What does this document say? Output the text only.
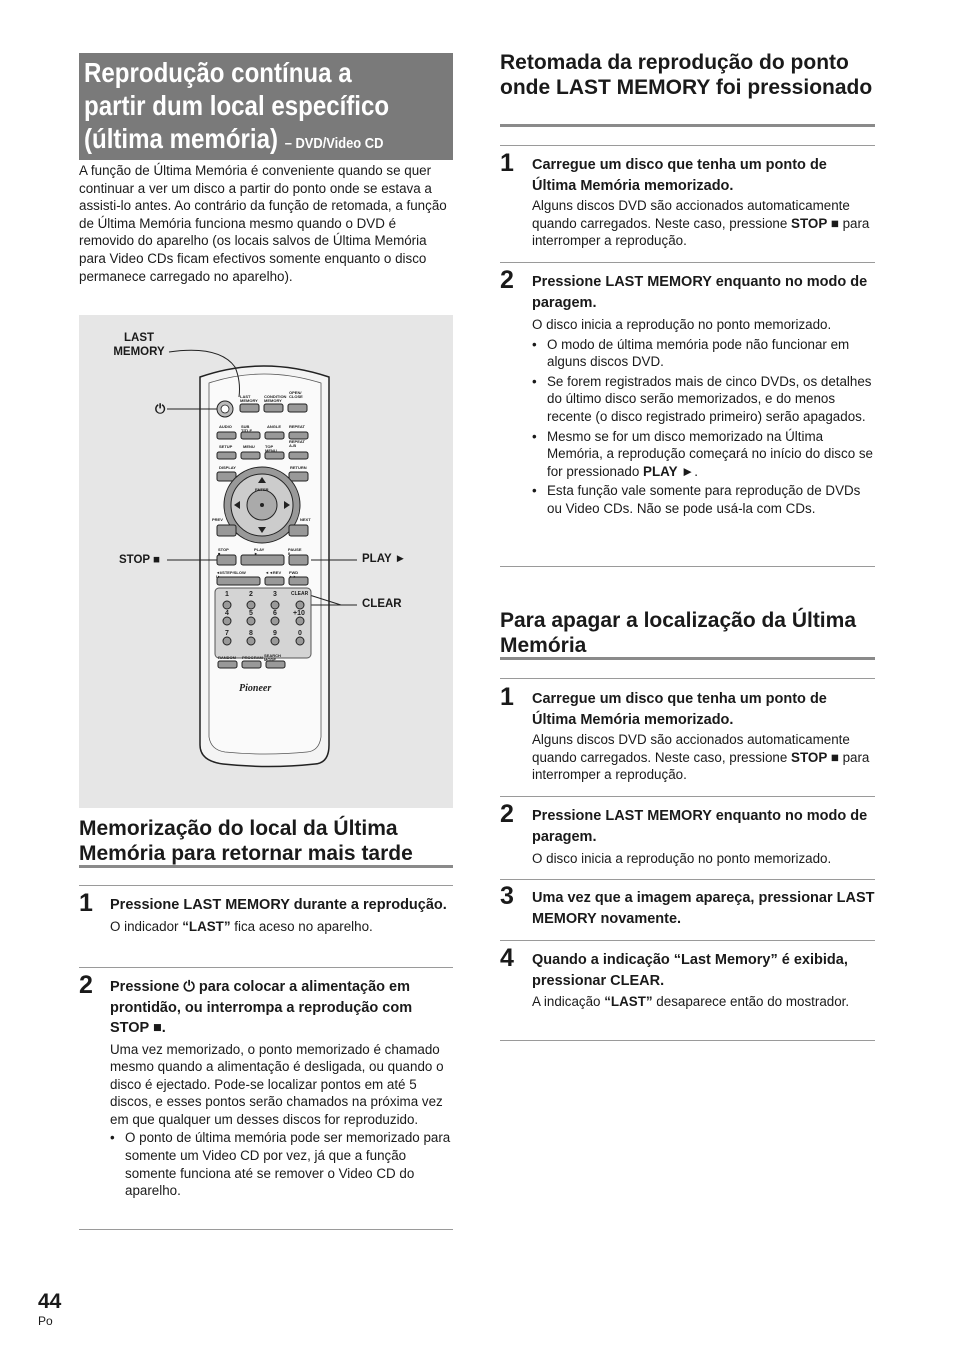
Reprodução contínua a partir dum local específico (última memória) – DVD/Video CD
A função de Última Memória é conveniente quando se quer continuar a ver um disco a partir do ponto onde se estava a assisti-lo antes. Ao contrário da função de retomada, a função de Última Memória funciona mesmo quando o DVD é removido do aparelho (os locais salvos de Última Memória para Video CDs ficam efectivos somente enquanto o disco permanece carregado no aparelho).
LAST MEMORY
⏻
STOP ■	PLAY ►
CLEAR
LAST MEMORY
CONDITION MEMORY
OPEN/ CLOSE
AUDIO SUB TITLE
ANGLE REPEAT
REPEAT A-B
SETUP	MENU	TOP MENU
DISPLAY	RETURN
ENTER
PREV	NEXT
STOP ■
PLAY ►
PAUSE II
◄I/STEP/SLOW I►
◄◄REV FWD ►►
RANDOM PROGRAM SEARCH MODE
1	2	3	CLEAR
4	5	6 +10
7	8	9	0
Pioneer
Memorização do local da Última Memória para retornar mais tarde
1 Pressione LAST MEMORY durante a reprodução.
O indicador “LAST” fica aceso no aparelho.
2 Pressione ⏻ para colocar a alimentação em prontidão, ou interrompa a reprodução com STOP ■.
Uma vez memorizado, o ponto memorizado é chamado mesmo quando a alimentação é desligada, ou quando o disco é ejectado. Pode-se localizar pontos em até 5 discos, e esses pontos serão chamados na próxima vez em que qualquer um desses discos for reproduzido.
• O ponto de última memória pode ser memorizado para somente um Video CD por vez, já que a função somente funciona até se remover o Video CD do aparelho.
Retomada da reprodução do ponto onde LAST MEMORY foi pressionado
1 Carregue um disco que tenha um ponto de Última Memória memorizado.
Alguns discos DVD são accionados automaticamente quando carregados. Neste caso, pressione STOP ■ para interromper a reprodução.
2 Pressione LAST MEMORY enquanto no modo de paragem.
O disco inicia a reprodução no ponto memorizado.
• O modo de última memória pode não funcionar em alguns discos DVD.
• Se forem registrados mais de cinco DVDs, os detalhes do último disco serão memorizados, e do menos recente (o disco registrado primeiro) serão apagados.
• Mesmo se for um disco memorizado na Última Memória, a reprodução começará no início do disco se for pressionado PLAY ►.
• Esta função vale somente para reprodução de DVDs ou Video CDs. Não se pode usá-la com CDs.
Para apagar a localização da Última Memória
1 Carregue um disco que tenha um ponto de Última Memória memorizado.
Alguns discos DVD são accionados automaticamente quando carregados. Neste caso, pressione STOP ■ para interromper a reprodução.
2 Pressione LAST MEMORY enquanto no modo de paragem.
O disco inicia a reprodução no ponto memorizado.
3 Uma vez que a imagem apareça, pressionar LAST MEMORY novamente.
4 Quando a indicação “Last Memory” é exibida, pressionar CLEAR.
A indicação “LAST” desaparece então do mostrador.
44
Po
